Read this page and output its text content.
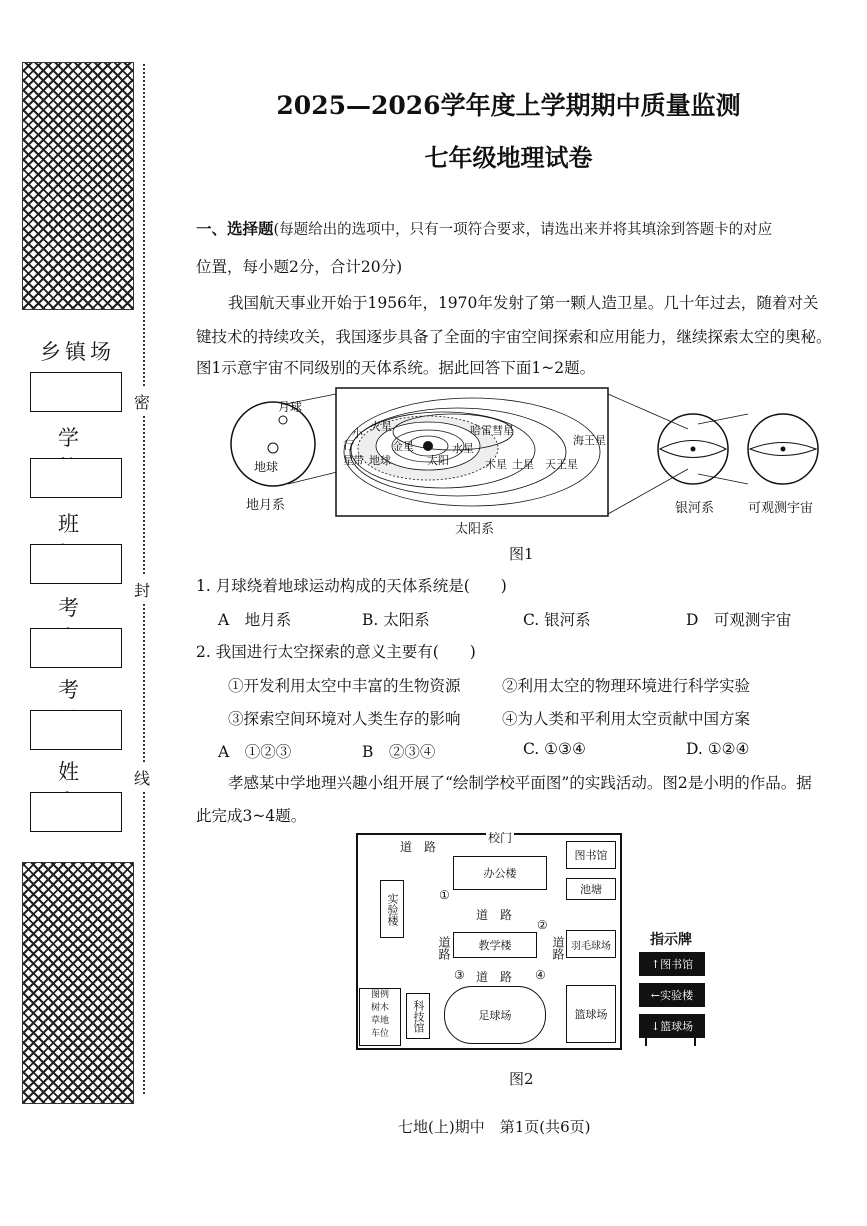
乡镇场
学
班
考
考
姓
密
封
线
2025—2026学年度上学期期中质量监测
七年级地理试卷
一、选择题(每题给出的选项中，只有一项符合要求，请选出来并将其填涂到答题卡的对应
位置，每小题2分，合计20分)
我国航天事业开始于1956年，1970年发射了第一颗人造卫星。几十年过去，随着对关
键技术的持续攻关，我国逐步具备了全面的宇宙空间探索和应用能力，继续探索太空的奥秘。
图1示意宇宙不同级别的天体系统。据此回答下面1~2题。
月球
地球
地月系
太阳系
银河系	可观测宇宙
太阳
水星
金星
地球
火星
木星 土星 天王星
海王星
小
行
星 带
哈雷彗星
图1
1. 月球绕着地球运动构成的天体系统是(　　)
A　地月系	B. 太阳系	C. 银河系	D　可观测宇宙
2. 我国进行太空探索的意义主要有(　　)
①开发利用太空中丰富的生物资源	②利用太空的物理环境进行科学实验
③探索空间环境对人类生存的影响	④为人类和平利用太空贡献中国方案
A　①②③	B　②③④	C. ①③④	D. ①②④
孝感某中学地理兴趣小组开展了“绘制学校平面图”的实践活动。图2是小明的作品。据
此完成3~4题。
道　路
校门
办公楼
图书馆
池塘
实验楼	道　路
教学楼
道路	道路 羽毛球场
道　路
足球场	篮球场
科技馆
图例
树木
草地
车位
①
②
③	④
指示牌
↑图书馆
←实验楼
↓篮球场
图2
七地(上)期中　第1页(共6页)
